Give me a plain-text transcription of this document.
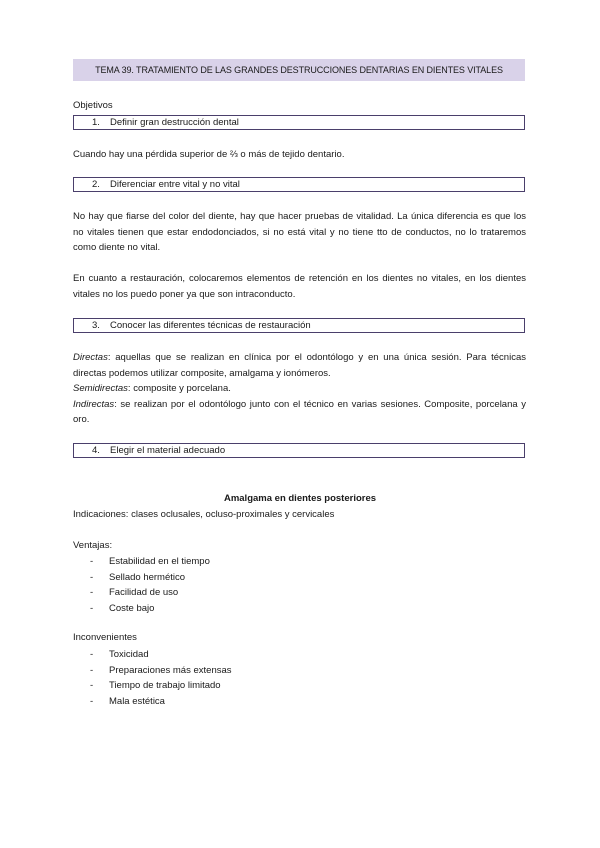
TEMA 39. TRATAMIENTO DE LAS GRANDES DESTRUCCIONES DENTARIAS EN DIENTES VITALES
Objetivos
1.	Definir gran destrucción dental

Cuando hay una pérdida superior de ⅔ o más de tejido dentario.

2.	Diferenciar entre vital y no vital

No hay que fiarse del color del diente, hay que hacer pruebas de vitalidad. La única diferencia es que los no vitales tienen que estar endodonciados, si no está vital y no tiene tto de conductos, no lo trataremos como diente no vital.

En cuanto a restauración, colocaremos elementos de retención en los dientes no vitales, en los dientes vitales no los puedo poner ya que son intraconducto.

3.	Conocer las diferentes técnicas de restauración

Directas: aquellas que se realizan en clínica por el odontólogo y en una única sesión. Para técnicas directas podemos utilizar composite, amalgama y ionómeros.

Semidirectas: composite y porcelana.

Indirectas: se realizan por el odontólogo junto con el técnico en varias sesiones. Composite, porcelana y oro.

4.	Elegir el material adecuado
Amalgama en dientes posteriores
Indicaciones: clases oclusales, ocluso-proximales y cervicales
Ventajas:
-	Estabilidad en el tiempo
-	Sellado hermético
-	Facilidad de uso
-	Coste bajo
Inconvenientes
-	Toxicidad
-	Preparaciones más extensas
-	Tiempo de trabajo limitado
-	Mala estética
